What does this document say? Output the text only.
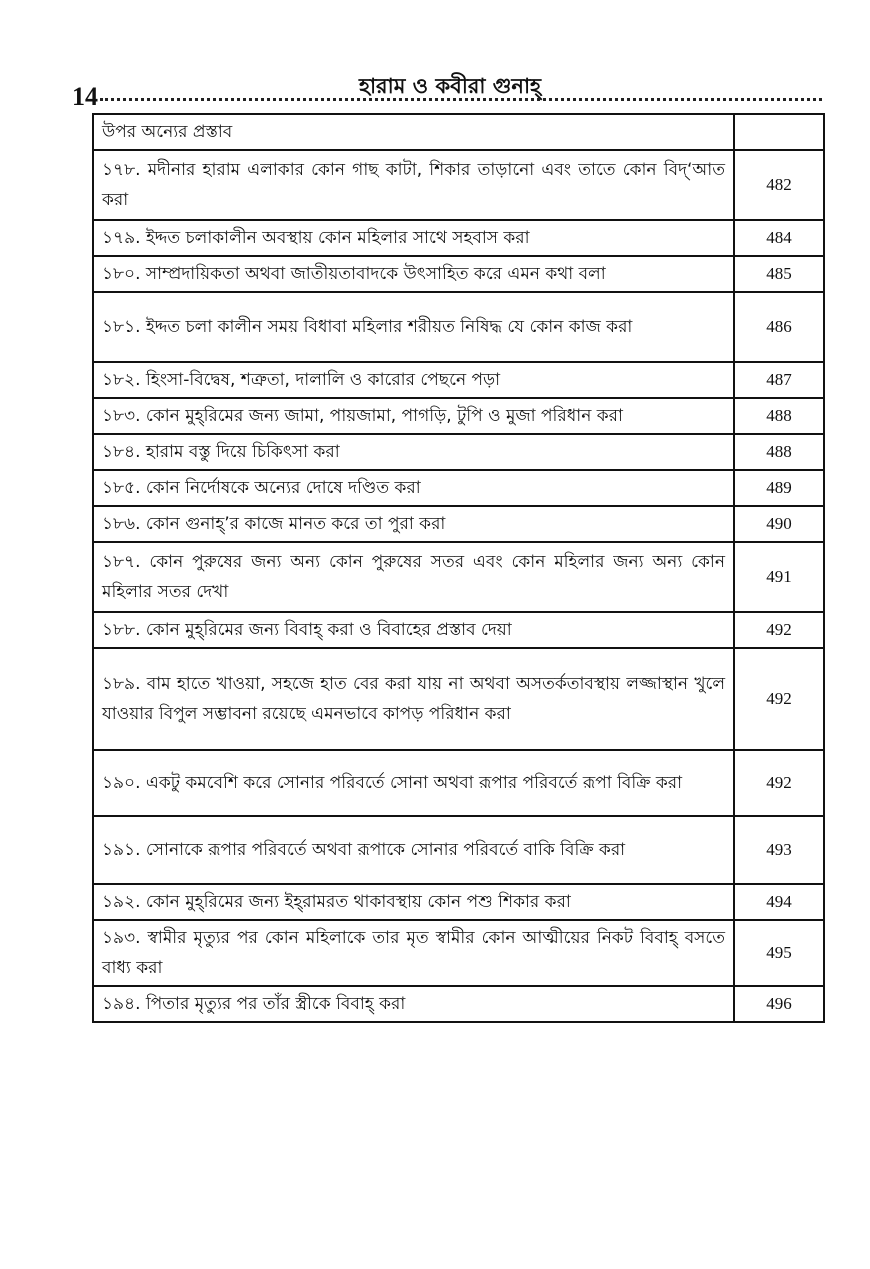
14	হারাম ও কবীরা গুনাহ্
উপর অন্যের প্রস্তাব	
১৭৮. মদীনার হারাম এলাকার কোন গাছ কাটা, শিকার তাড়ানো এবং তাতে কোন বিদ্‘আত করা	482
১৭৯. ইদ্দত চলাকালীন অবস্থায় কোন মহিলার সাথে সহবাস করা	484
১৮০. সাম্প্রদায়িকতা অথবা জাতীয়তাবাদকে উৎসাহিত করে এমন কথা বলা	485
১৮১. ইদ্দত চলা কালীন সময় বিধাবা মহিলার শরীয়ত নিষিদ্ধ যে কোন কাজ করা	486
১৮২. হিংসা-বিদ্বেষ, শত্রুতা, দালালি ও কারোর পেছনে পড়া	487
১৮৩. কোন মুহ্‌রিমের জন্য জামা, পায়জামা, পাগড়ি, টুপি ও মুজা পরিধান করা	488
১৮৪. হারাম বস্তু দিয়ে চিকিৎসা করা	488
১৮৫. কোন নির্দোষকে অন্যের দোষে দণ্ডিত করা	489
১৮৬. কোন গুনাহ্’র কাজে মানত করে তা পুরা করা	490
১৮৭. কোন পুরুষের জন্য অন্য কোন পুরুষের সতর এবং কোন মহিলার জন্য অন্য কোন মহিলার সতর দেখা	491
১৮৮. কোন মুহ্‌রিমের জন্য বিবাহ্ করা ও বিবাহের প্রস্তাব দেয়া	492
১৮৯. বাম হাতে খাওয়া, সহজে হাত বের করা যায় না অথবা অসতর্কতাবস্থায় লজ্জাস্থান খুলে যাওয়ার বিপুল সম্ভাবনা রয়েছে এমনভাবে কাপড় পরিধান করা	492
১৯০. একটু কমবেশি করে সোনার পরিবর্তে সোনা অথবা রূপার পরিবর্তে রূপা বিক্রি করা	492
১৯১. সোনাকে রূপার পরিবর্তে অথবা রূপাকে সোনার পরিবর্তে বাকি বিক্রি করা	493
১৯২. কোন মুহ্‌রিমের জন্য ইহ্‌রামরত থাকাবস্থায় কোন পশু শিকার করা	494
১৯৩. স্বামীর মৃত্যুর পর কোন মহিলাকে তার মৃত স্বামীর কোন আত্মীয়ের নিকট বিবাহ্ বসতে বাধ্য করা	495
১৯৪. পিতার মৃত্যুর পর তাঁর স্ত্রীকে বিবাহ্ করা	496
